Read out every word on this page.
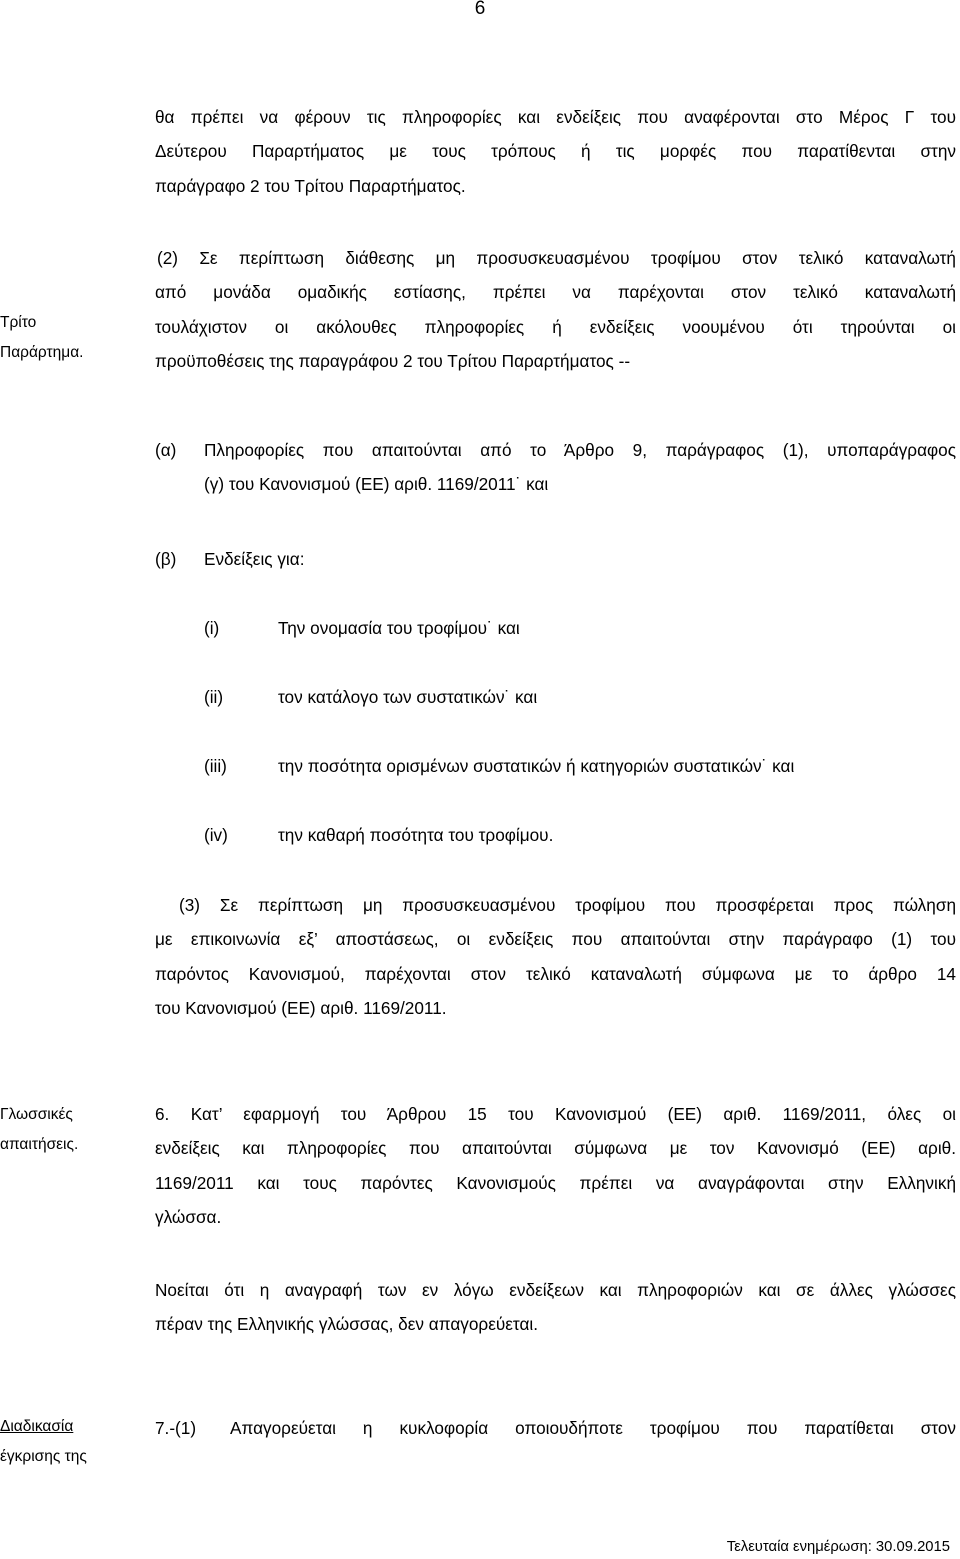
6
θα πρέπει να φέρουν τις πληροφορίες και ενδείξεις που αναφέρονται στο Μέρος Γ του
Δεύτερου Παραρτήματος με τους τρόπους ή τις μορφές που παρατίθενται στην
παράγραφο 2 του Τρίτου Παραρτήματος.
Τρίτο
Παράρτημα.
(2) Σε περίπτωση διάθεσης μη προσυσκευασμένου τροφίμου στον τελικό καταναλωτή
από μονάδα ομαδικής εστίασης, πρέπει να παρέχονται στον τελικό καταναλωτή
τουλάχιστον οι ακόλουθες πληροφορίες ή ενδείξεις νοουμένου ότι τηρούνται οι
προϋποθέσεις της παραγράφου 2 του Τρίτου Παραρτήματος --
(α) Πληροφορίες που απαιτούνται από το Άρθρο 9, παράγραφος (1), υποπαράγραφος
(γ) του Κανονισμού (ΕΕ) αριθ. 1169/2011˙ και
(β) Ενδείξεις για:
(i)	Την ονομασία του τροφίμου˙ και
(ii)	τον κατάλογο των συστατικών˙ και
(iii)	την ποσότητα ορισμένων συστατικών ή κατηγοριών συστατικών˙ και
(iv)	την καθαρή ποσότητα του τροφίμου.
(3) Σε περίπτωση μη προσυσκευασμένου τροφίμου που προσφέρεται προς πώληση
με επικοινωνία εξ’ αποστάσεως, οι ενδείξεις που απαιτούνται στην παράγραφο (1) του
παρόντος Κανονισμού, παρέχονται στον τελικό καταναλωτή σύμφωνα με το άρθρο 14
του Κανονισμού (ΕΕ) αριθ. 1169/2011.
Γλωσσικές
απαιτήσεις.
6. Κατ’ εφαρμογή του Άρθρου 15 του Κανονισμού (ΕΕ) αριθ. 1169/2011, όλες οι
ενδείξεις και πληροφορίες που απαιτούνται σύμφωνα με τον Κανονισμό (ΕΕ) αριθ.
1169/2011 και τους παρόντες Κανονισμούς πρέπει να αναγράφονται στην Ελληνική
γλώσσα.
Νοείται ότι η αναγραφή των εν λόγω ενδείξεων και πληροφοριών και σε άλλες γλώσσες
πέραν της Ελληνικής γλώσσας, δεν απαγορεύεται.
Διαδικασία
έγκρισης της
7.-(1) Απαγορεύεται η κυκλοφορία οποιουδήποτε τροφίμου που παρατίθεται στον
Τελευταία ενημέρωση: 30.09.2015
